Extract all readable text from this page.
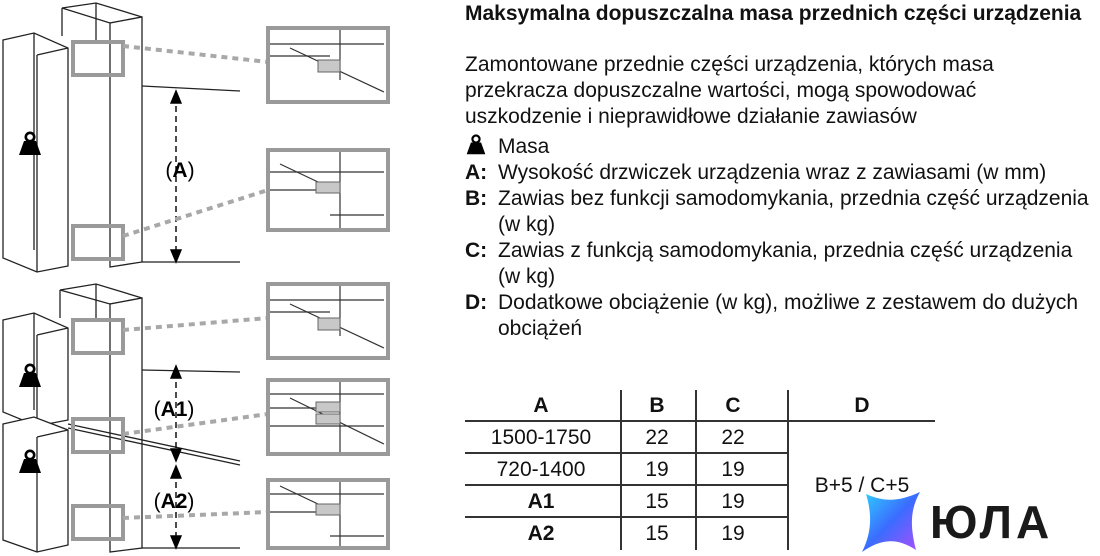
(A)
(A1)
(A2)
Maksymalna dopuszczalna masa przednich części urządzenia
Zamontowane przednie części urządzenia, których masa przekracza dopuszczalne wartości, mogą spowodować uszkodzenie i nieprawidłowe działanie zawiasów
Masa
A: Wysokość drzwiczek urządzenia wraz z zawiasami (w mm)
B: Zawias bez funkcji samodomykania, przednia część urządzenia (w kg)
C: Zawias z funkcją samodomykania, przednia część urządzenia (w kg)
D: Dodatkowe obciążenie (w kg), możliwe z zestawem do dużych obciążeń
A	B	C	D
1500-1750	22	22
720-1400	19	19
A1	15	19
A2	15	19
B+5 / C+5
ЮЛА
